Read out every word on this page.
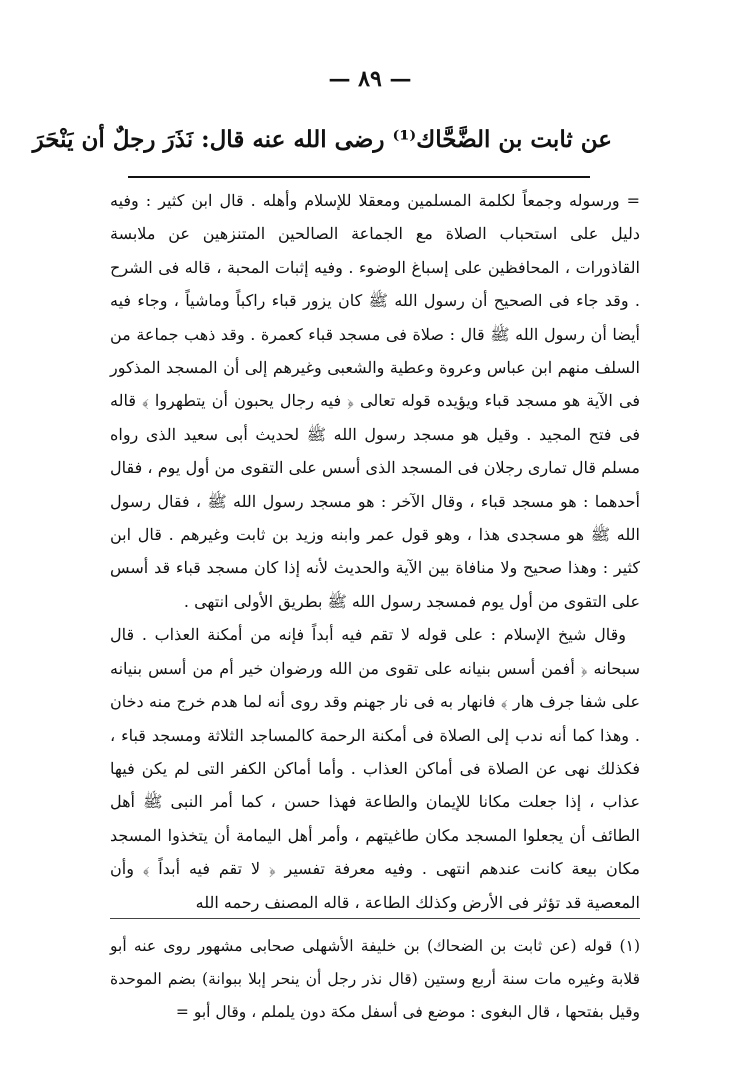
— ٨٩ —
عن ثابت بن الضَّحَّاك⁽¹⁾ رضى الله عنه قال: نَذَرَ رجلٌ أن يَنْحَرَ

= ورسوله وجمعاً لكلمة المسلمين ومعقلا للإسلام وأهله . قال ابن كثير : وفيه دليل على استحباب الصلاة مع الجماعة الصالحين المتنزهين عن ملابسة القاذورات ، المحافظين على إسباغ الوضوء . وفيه إثبات المحبة ، قاله فى الشرح . وقد جاء فى الصحيح أن رسول الله ﷺ كان يزور قباء راكباً وماشياً ، وجاء فيه أيضا أن رسول الله ﷺ قال : صلاة فى مسجد قباء كعمرة . وقد ذهب جماعة من السلف منهم ابن عباس وعروة وعطية والشعبى وغيرهم إلى أن المسجد المذكور فى الآية هو مسجد قباء ويؤيده قوله تعالى ﴿ فيه رجال يحبون أن يتطهروا ﴾ قاله فى فتح المجيد . وقيل هو مسجد رسول الله ﷺ لحديث أبى سعيد الذى رواه مسلم قال تمارى رجلان فى المسجد الذى أسس على التقوى من أول يوم ، فقال أحدهما : هو مسجد قباء ، وقال الآخر : هو مسجد رسول الله ﷺ ، فقال رسول الله ﷺ هو مسجدى هذا ، وهو قول عمر وابنه وزيد بن ثابت وغيرهم . قال ابن كثير : وهذا صحيح ولا منافاة بين الآية والحديث لأنه إذا كان مسجد قباء قد أسس على التقوى من أول يوم فمسجد رسول الله ﷺ بطريق الأولى انتهى .

وقال شيخ الإسلام : على قوله لا تقم فيه أبداً فإنه من أمكنة العذاب . قال سبحانه ﴿ أفمن أسس بنيانه على تقوى من الله ورضوان خير أم من أسس بنيانه على شفا جرف هار ﴾ فانهار به فى نار جهنم وقد روى أنه لما هدم خرج منه دخان . وهذا كما أنه ندب إلى الصلاة فى أمكنة الرحمة كالمساجد الثلاثة ومسجد قباء ، فكذلك نهى عن الصلاة فى أماكن العذاب . وأما أماكن الكفر التى لم يكن فيها عذاب ، إذا جعلت مكانا للإيمان والطاعة فهذا حسن ، كما أمر النبى ﷺ أهل الطائف أن يجعلوا المسجد مكان طاغيتهم ، وأمر أهل اليمامة أن يتخذوا المسجد مكان بيعة كانت عندهم انتهى . وفيه معرفة تفسير ﴿ لا تقم فيه أبداً ﴾ وأن المعصية قد تؤثر فى الأرض وكذلك الطاعة ، قاله المصنف رحمه الله

(١) قوله (عن ثابت بن الضحاك) بن خليفة الأشهلى صحابى مشهور روى عنه أبو قلابة وغيره مات سنة أربع وستين (قال نذر رجل أن ينحر إبلا ببوانة) بضم الموحدة وقيل بفتحها ، قال البغوى : موضع فى أسفل مكة دون يلملم ، وقال أبو =
